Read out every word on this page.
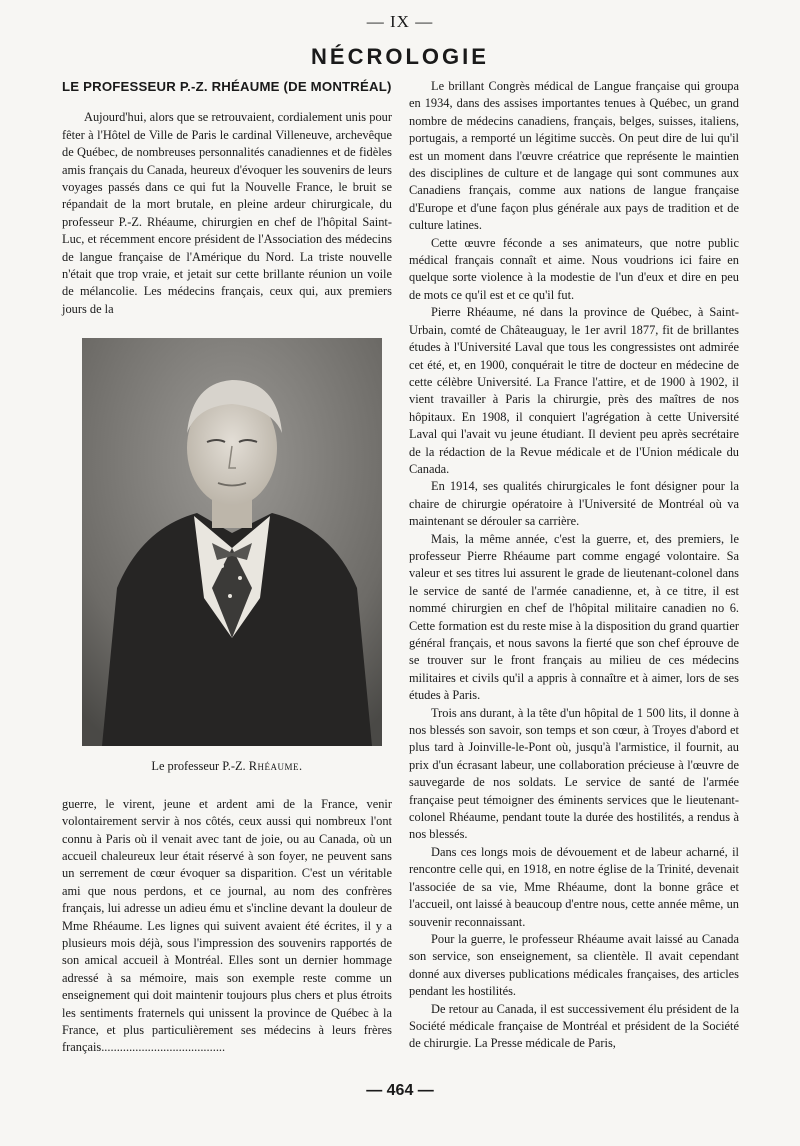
— IX —
NÉCROLOGIE
LE PROFESSEUR P.-Z. RHÉAUME (DE MONTRÉAL)

Aujourd'hui, alors que se retrouvaient, cordialement unis pour fêter à l'Hôtel de Ville de Paris le cardinal Villeneuve, archevêque de Québec, de nombreuses personnalités canadiennes et de fidèles amis français du Canada, heureux d'évoquer les souvenirs de leurs voyages passés dans ce qui fut la Nouvelle France, le bruit se répandait de la mort brutale, en pleine ardeur chirurgicale, du professeur P.-Z. Rhéaume, chirurgien en chef de l'hôpital Saint-Luc, et récemment encore président de l'Association des médecins de langue française de l'Amérique du Nord. La triste nouvelle n'était que trop vraie, et jetait sur cette brillante réunion un voile de mélancolie. Les médecins français, ceux qui, aux premiers jours de la

Le professeur P.-Z. Rhéaume.

guerre, le virent, jeune et ardent ami de la France, venir volontairement servir à nos côtés, ceux aussi qui nombreux l'ont connu à Paris où il venait avec tant de joie, ou au Canada, où un accueil chaleureux leur était réservé à son foyer, ne peuvent sans un serrement de cœur évoquer sa disparition. C'est un véritable ami que nous perdons, et ce journal, au nom des confrères français, lui adresse un adieu ému et s'incline devant la douleur de Mme Rhéaume. Les lignes qui suivent avaient été écrites, il y a plusieurs mois déjà, sous l'impression des souvenirs rapportés de son amical accueil à Montréal. Elles sont un dernier hommage adressé à sa mémoire, mais son exemple reste comme un enseignement qui doit maintenir toujours plus chers et plus étroits les sentiments fraternels qui unissent la province de Québec à la France, et plus particulièrement ses médecins à leurs frères français........................................

Le brillant Congrès médical de Langue française qui groupa en 1934, dans des assises importantes tenues à Québec, un grand nombre de médecins canadiens, français, belges, suisses, italiens, portugais, a remporté un légitime succès. On peut dire de lui qu'il est un moment dans l'œuvre créatrice que représente le maintien des disciplines de culture et de langage qui sont communes aux Canadiens français, comme aux nations de langue française d'Europe et d'une façon plus générale aux pays de tradition et de culture latines.

Cette œuvre féconde a ses animateurs, que notre public médical français connaît et aime. Nous voudrions ici faire en quelque sorte violence à la modestie de l'un d'eux et dire en peu de mots ce qu'il est et ce qu'il fut.

Pierre Rhéaume, né dans la province de Québec, à Saint-Urbain, comté de Châteauguay, le 1er avril 1877, fit de brillantes études à l'Université Laval que tous les congressistes ont admirée cet été, et, en 1900, conquérait le titre de docteur en médecine de cette célèbre Université. La France l'attire, et de 1900 à 1902, il vient travailler à Paris la chirurgie, près des maîtres de nos hôpitaux. En 1908, il conquiert l'agrégation à cette Université Laval qui l'avait vu jeune étudiant. Il devient peu après secrétaire de la rédaction de la Revue médicale et de l'Union médicale du Canada.

En 1914, ses qualités chirurgicales le font désigner pour la chaire de chirurgie opératoire à l'Université de Montréal où va maintenant se dérouler sa carrière.

Mais, la même année, c'est la guerre, et, des premiers, le professeur Pierre Rhéaume part comme engagé volontaire. Sa valeur et ses titres lui assurent le grade de lieutenant-colonel dans le service de santé de l'armée canadienne, et, à ce titre, il est nommé chirurgien en chef de l'hôpital militaire canadien no 6. Cette formation est du reste mise à la disposition du grand quartier général français, et nous savons la fierté que son chef éprouve de se trouver sur le front français au milieu de ces médecins militaires et civils qu'il a appris à connaître et à aimer, lors de ses études à Paris.

Trois ans durant, à la tête d'un hôpital de 1 500 lits, il donne à nos blessés son savoir, son temps et son cœur, à Troyes d'abord et plus tard à Joinville-le-Pont où, jusqu'à l'armistice, il fournit, au prix d'un écrasant labeur, une collaboration précieuse à l'œuvre de sauvegarde de nos soldats. Le service de santé de l'armée française peut témoigner des éminents services que le lieutenant-colonel Rhéaume, pendant toute la durée des hostilités, a rendus à nos blessés.

Dans ces longs mois de dévouement et de labeur acharné, il rencontre celle qui, en 1918, en notre église de la Trinité, devenait l'associée de sa vie, Mme Rhéaume, dont la bonne grâce et l'accueil, ont laissé à beaucoup d'entre nous, cette année même, un souvenir reconnaissant.

Pour la guerre, le professeur Rhéaume avait laissé au Canada son service, son enseignement, sa clientèle. Il avait cependant donné aux diverses publications médicales françaises, des articles pendant les hostilités.

De retour au Canada, il est successivement élu président de la Société médicale française de Montréal et président de la Société de chirurgie. La Presse médicale de Paris,

— 464 —
